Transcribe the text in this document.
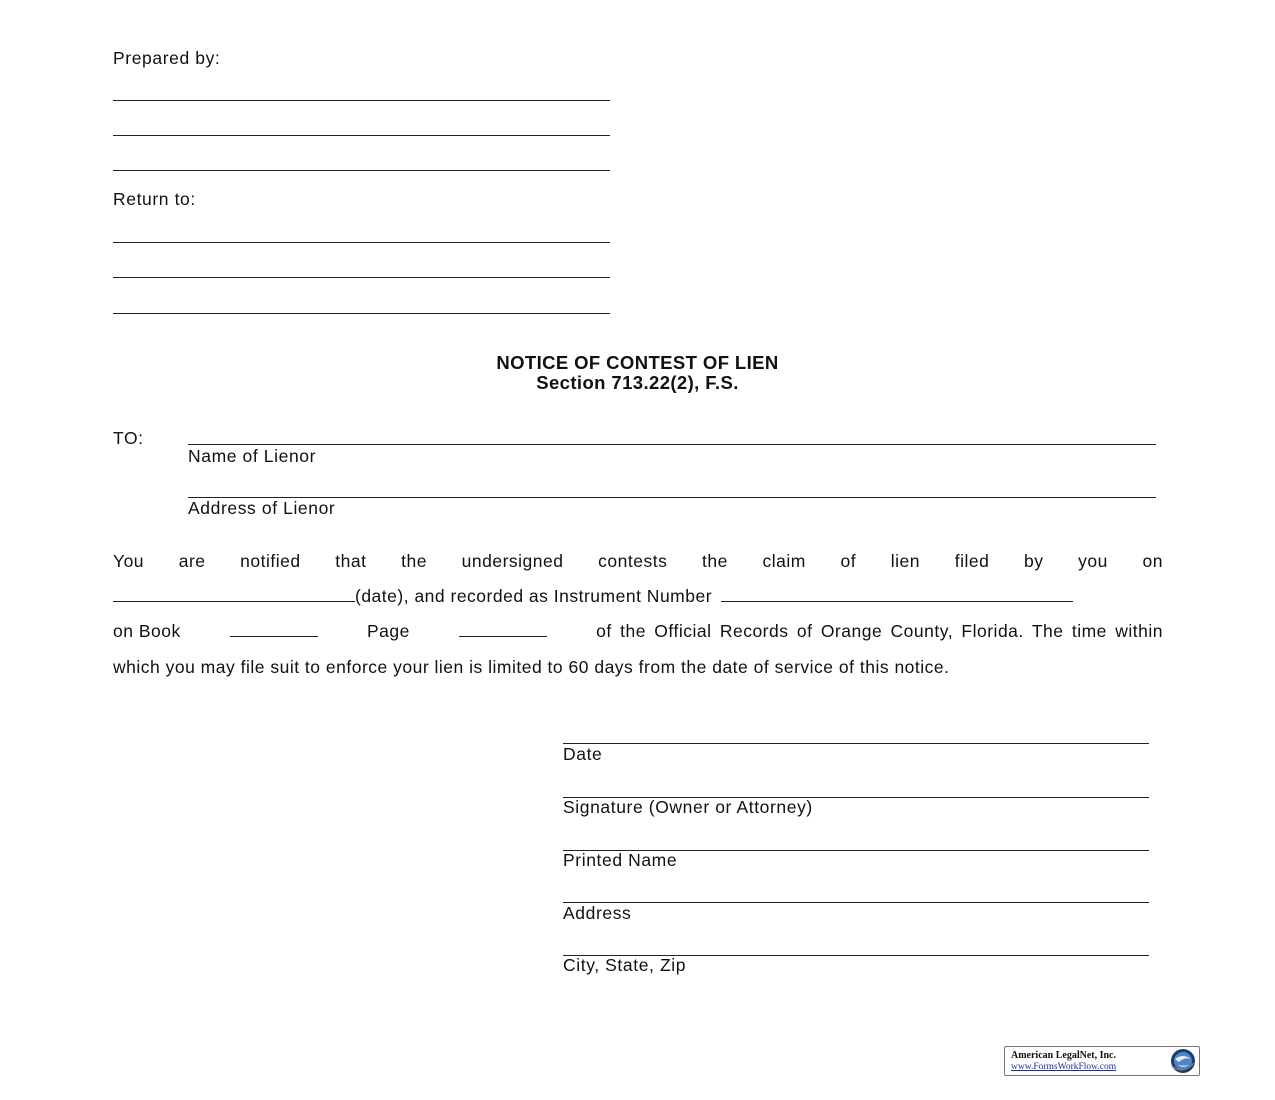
Prepared by:
Return to:
NOTICE OF CONTEST OF LIEN
Section 713.22(2), F.S.
TO:
Name of Lienor
Address of Lienor
You are notified that the undersigned contests the claim of lien filed by you on
(date), and recorded as Instrument Number
on Book	Page	of the Official Records of Orange County, Florida. The time within
which you may file suit to enforce your lien is limited to 60 days from the date of service of this notice.
Date
Signature (Owner or Attorney)
Printed Name
Address
City, State, Zip
American LegalNet, Inc.
www.FormsWorkFlow.com
